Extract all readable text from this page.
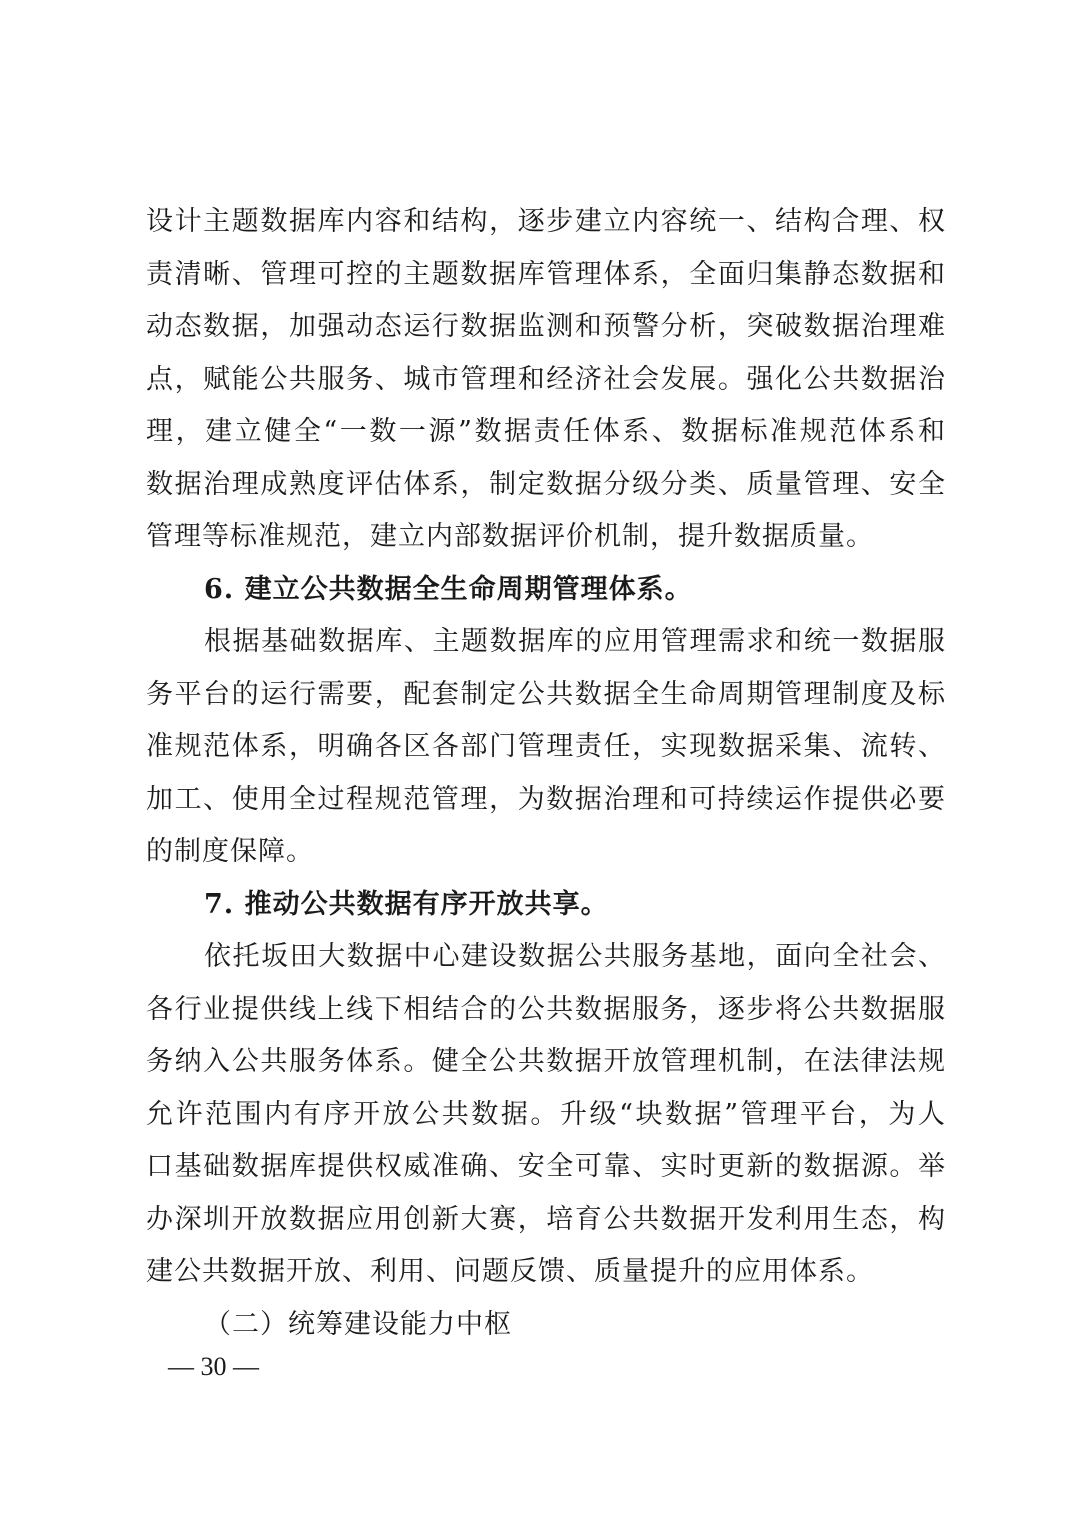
设计主题数据库内容和结构，逐步建立内容统一、结构合理、权
责清晰、管理可控的主题数据库管理体系，全面归集静态数据和
动态数据，加强动态运行数据监测和预警分析，突破数据治理难
点，赋能公共服务、城市管理和经济社会发展。强化公共数据治
理，建立健全“一数一源”数据责任体系、数据标准规范体系和
数据治理成熟度评估体系，制定数据分级分类、质量管理、安全
管理等标准规范，建立内部数据评价机制，提升数据质量。
6. 建立公共数据全生命周期管理体系。
根据基础数据库、主题数据库的应用管理需求和统一数据服
务平台的运行需要，配套制定公共数据全生命周期管理制度及标
准规范体系，明确各区各部门管理责任，实现数据采集、流转、
加工、使用全过程规范管理，为数据治理和可持续运作提供必要
的制度保障。
7. 推动公共数据有序开放共享。
依托坂田大数据中心建设数据公共服务基地，面向全社会、
各行业提供线上线下相结合的公共数据服务，逐步将公共数据服
务纳入公共服务体系。健全公共数据开放管理机制，在法律法规
允许范围内有序开放公共数据。升级“块数据”管理平台，为人
口基础数据库提供权威准确、安全可靠、实时更新的数据源。举
办深圳开放数据应用创新大赛，培育公共数据开发利用生态，构
建公共数据开放、利用、问题反馈、质量提升的应用体系。
（二）统筹建设能力中枢
— 30 —
